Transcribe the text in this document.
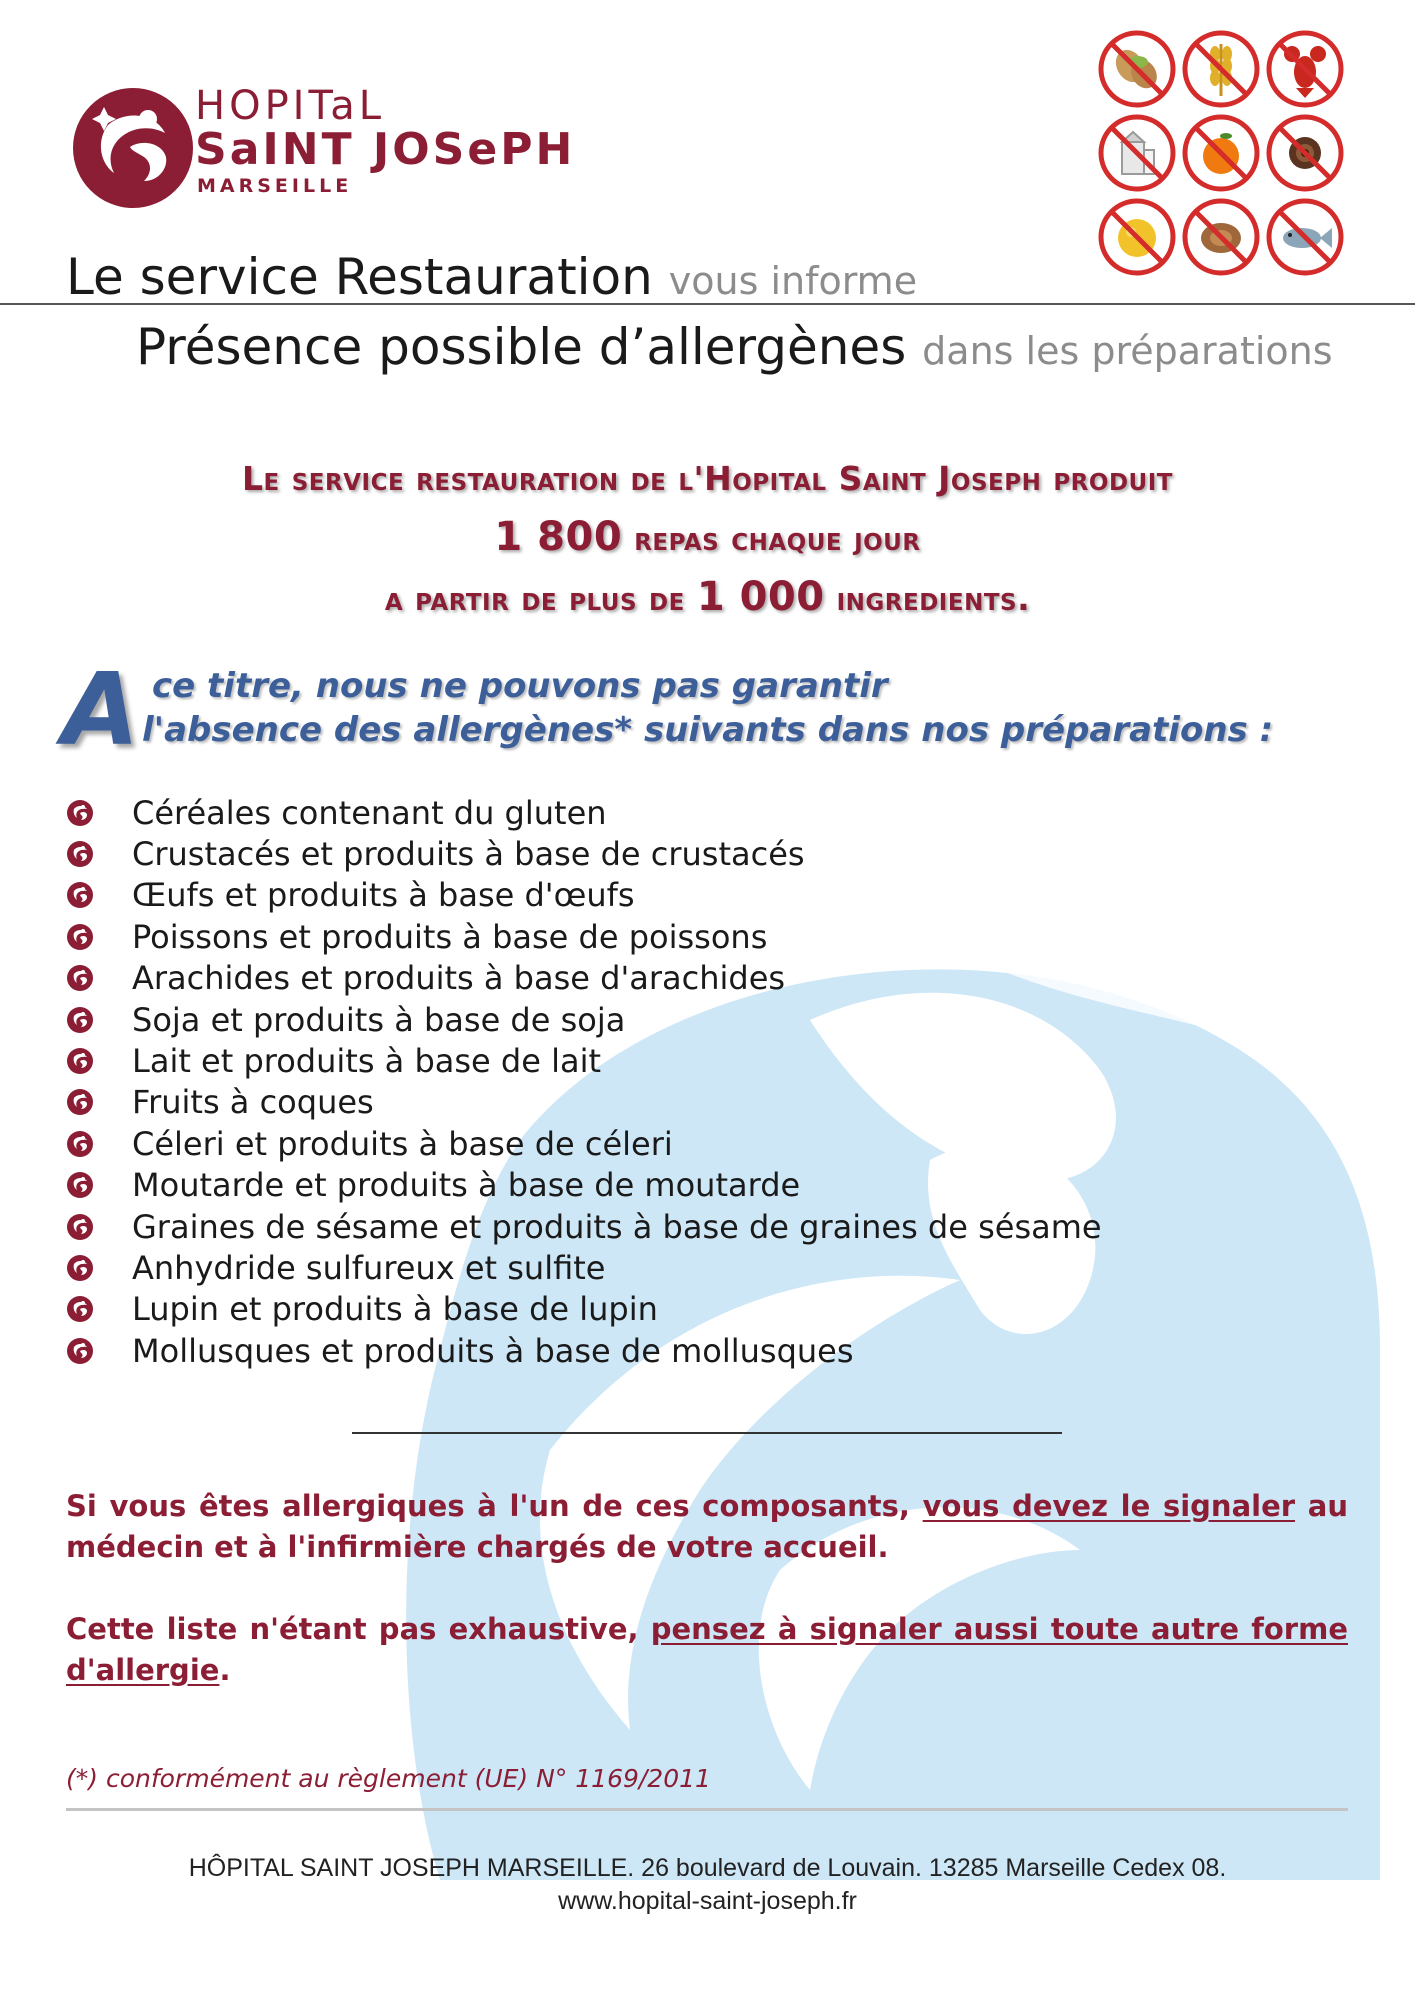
HOPITaL
SaINT JOSePH
MARSEILLE
Le service Restauration vous informe
Présence possible d’allergènes dans les préparations
Le service restauration de l'Hopital Saint Joseph produit
1 800 repas chaque jour
a partir de plus de 1 000 ingredients.
A ce titre, nous ne pouvons pas garantir
l'absence des allergènes* suivants dans nos préparations :
Céréales contenant du gluten
Crustacés et produits à base de crustacés
Œufs et produits à base d'œufs
Poissons et produits à base de poissons
Arachides et produits à base d'arachides
Soja et produits à base de soja
Lait et produits à base de lait
Fruits à coques
Céleri et produits à base de céleri
Moutarde et produits à base de moutarde
Graines de sésame et produits à base de graines de sésame
Anhydride sulfureux et sulfite
Lupin et produits à base de lupin
Mollusques et produits à base de mollusques
Si vous êtes allergiques à l'un de ces composants, vous devez le signaler au médecin et à l'infirmière chargés de votre accueil.
Cette liste n'étant pas exhaustive, pensez à signaler aussi toute autre forme d'allergie.
(*) conformément au règlement (UE) N° 1169/2011
HÔPITAL SAINT JOSEPH MARSEILLE. 26 boulevard de Louvain. 13285 Marseille Cedex 08.
www.hopital-saint-joseph.fr
